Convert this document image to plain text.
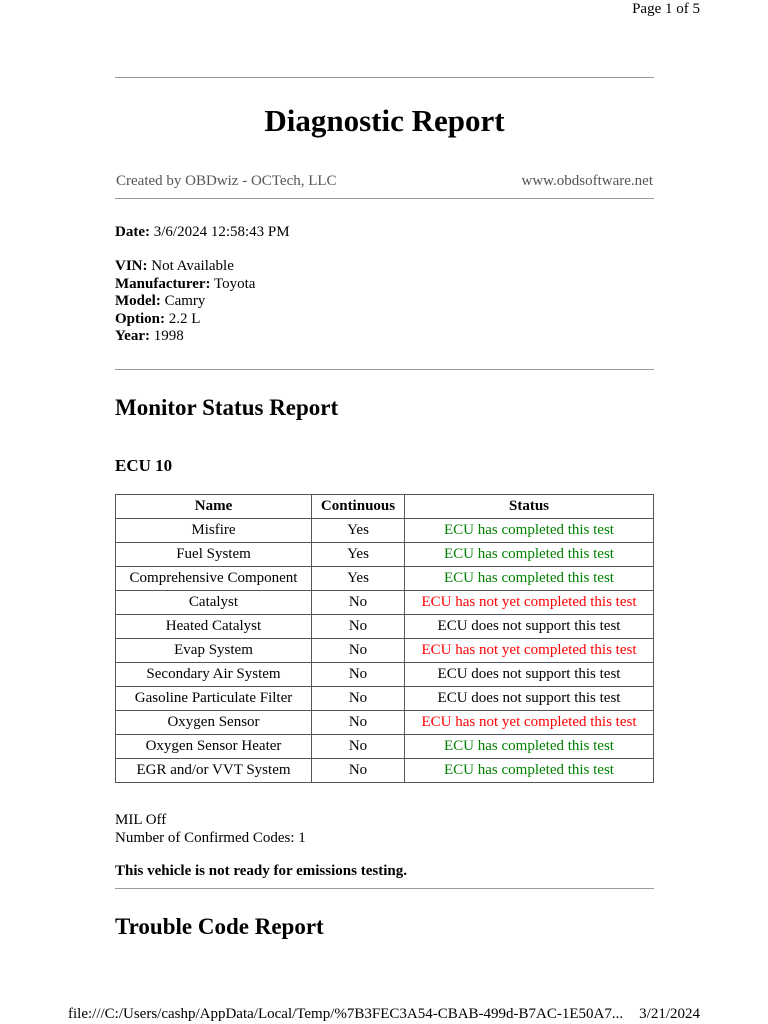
Page 1 of 5
Diagnostic Report
Created by OBDwiz - OCTech, LLC	www.obdsoftware.net
Date: 3/6/2024 12:58:43 PM
VIN: Not Available
Manufacturer: Toyota
Model: Camry
Option: 2.2 L
Year: 1998
Monitor Status Report
ECU 10
Name	Continuous	Status
Misfire	Yes	ECU has completed this test
Fuel System	Yes	ECU has completed this test
Comprehensive Component	Yes	ECU has completed this test
Catalyst	No	ECU has not yet completed this test
Heated Catalyst	No	ECU does not support this test
Evap System	No	ECU has not yet completed this test
Secondary Air System	No	ECU does not support this test
Gasoline Particulate Filter	No	ECU does not support this test
Oxygen Sensor	No	ECU has not yet completed this test
Oxygen Sensor Heater	No	ECU has completed this test
EGR and/or VVT System	No	ECU has completed this test
MIL Off
Number of Confirmed Codes: 1
This vehicle is not ready for emissions testing.
Trouble Code Report
file:///C:/Users/cashp/AppData/Local/Temp/%7B3FEC3A54-CBAB-499d-B7AC-1E50A7... 3/21/2024
